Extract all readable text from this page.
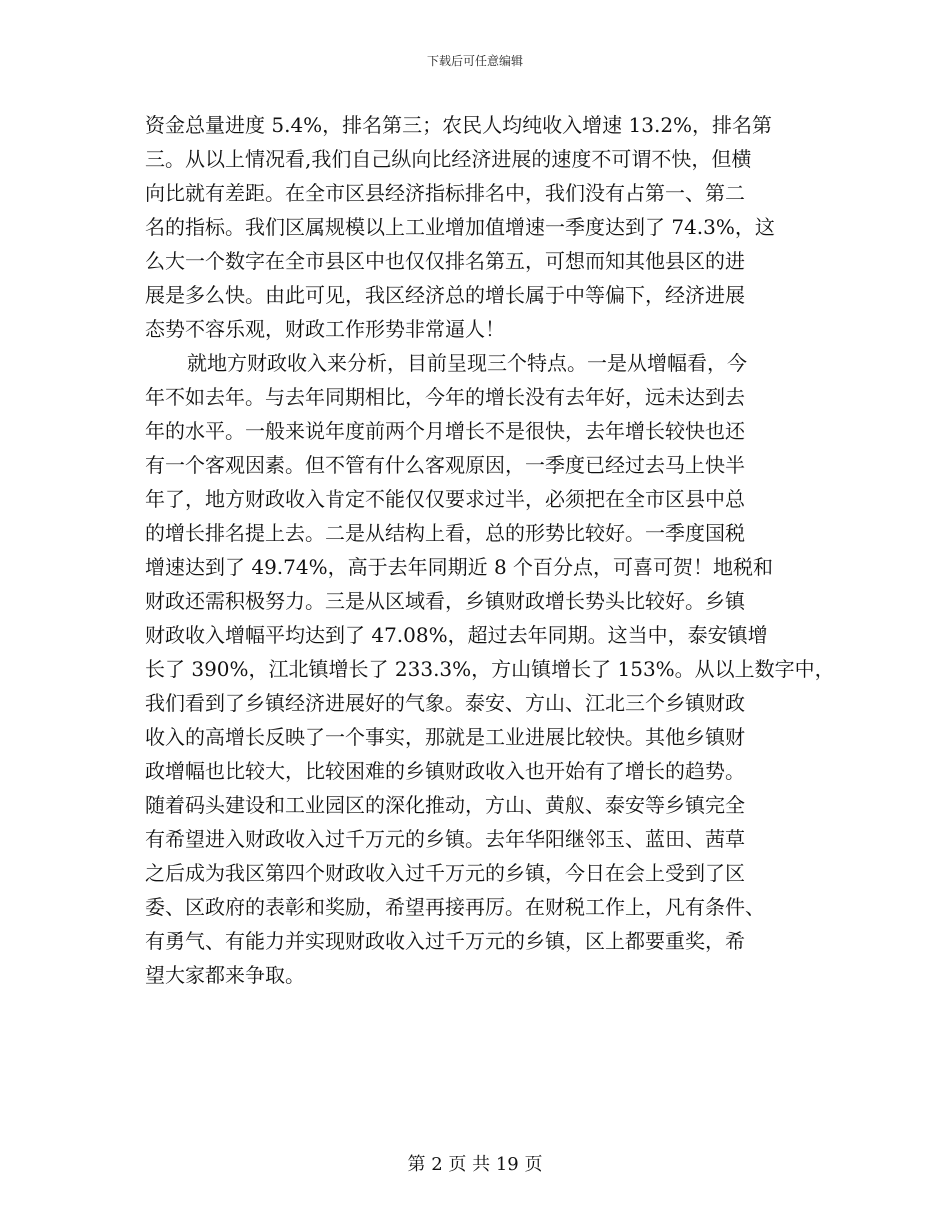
下载后可任意编辑
资金总量进度 5.4%，排名第三；农民人均纯收入增速 13.2%，排名第
三。从以上情况看,我们自己纵向比经济进展的速度不可谓不快，但横
向比就有差距。在全市区县经济指标排名中，我们没有占第一、第二
名的指标。我们区属规模以上工业增加值增速一季度达到了 74.3%，这
么大一个数字在全市县区中也仅仅排名第五，可想而知其他县区的进
展是多么快。由此可见，我区经济总的增长属于中等偏下，经济进展
态势不容乐观，财政工作形势非常逼人！
就地方财政收入来分析，目前呈现三个特点。一是从增幅看，今
年不如去年。与去年同期相比，今年的增长没有去年好，远未达到去
年的水平。一般来说年度前两个月增长不是很快，去年增长较快也还
有一个客观因素。但不管有什么客观原因，一季度已经过去马上快半
年了，地方财政收入肯定不能仅仅要求过半，必须把在全市区县中总
的增长排名提上去。二是从结构上看，总的形势比较好。一季度国税
增速达到了 49.74%，高于去年同期近 8 个百分点，可喜可贺！地税和
财政还需积极努力。三是从区域看，乡镇财政增长势头比较好。乡镇
财政收入增幅平均达到了 47.08%，超过去年同期。这当中，泰安镇增
长了 390%，江北镇增长了 233.3%，方山镇增长了 153%。从以上数字中，
我们看到了乡镇经济进展好的气象。泰安、方山、江北三个乡镇财政
收入的高增长反映了一个事实，那就是工业进展比较快。其他乡镇财
政增幅也比较大，比较困难的乡镇财政收入也开始有了增长的趋势。
随着码头建设和工业园区的深化推动，方山、黄舣、泰安等乡镇完全
有希望进入财政收入过千万元的乡镇。去年华阳继邻玉、蓝田、茜草
之后成为我区第四个财政收入过千万元的乡镇，今日在会上受到了区
委、区政府的表彰和奖励，希望再接再厉。在财税工作上，凡有条件、
有勇气、有能力并实现财政收入过千万元的乡镇，区上都要重奖，希
望大家都来争取。
第 2 页 共 19 页
